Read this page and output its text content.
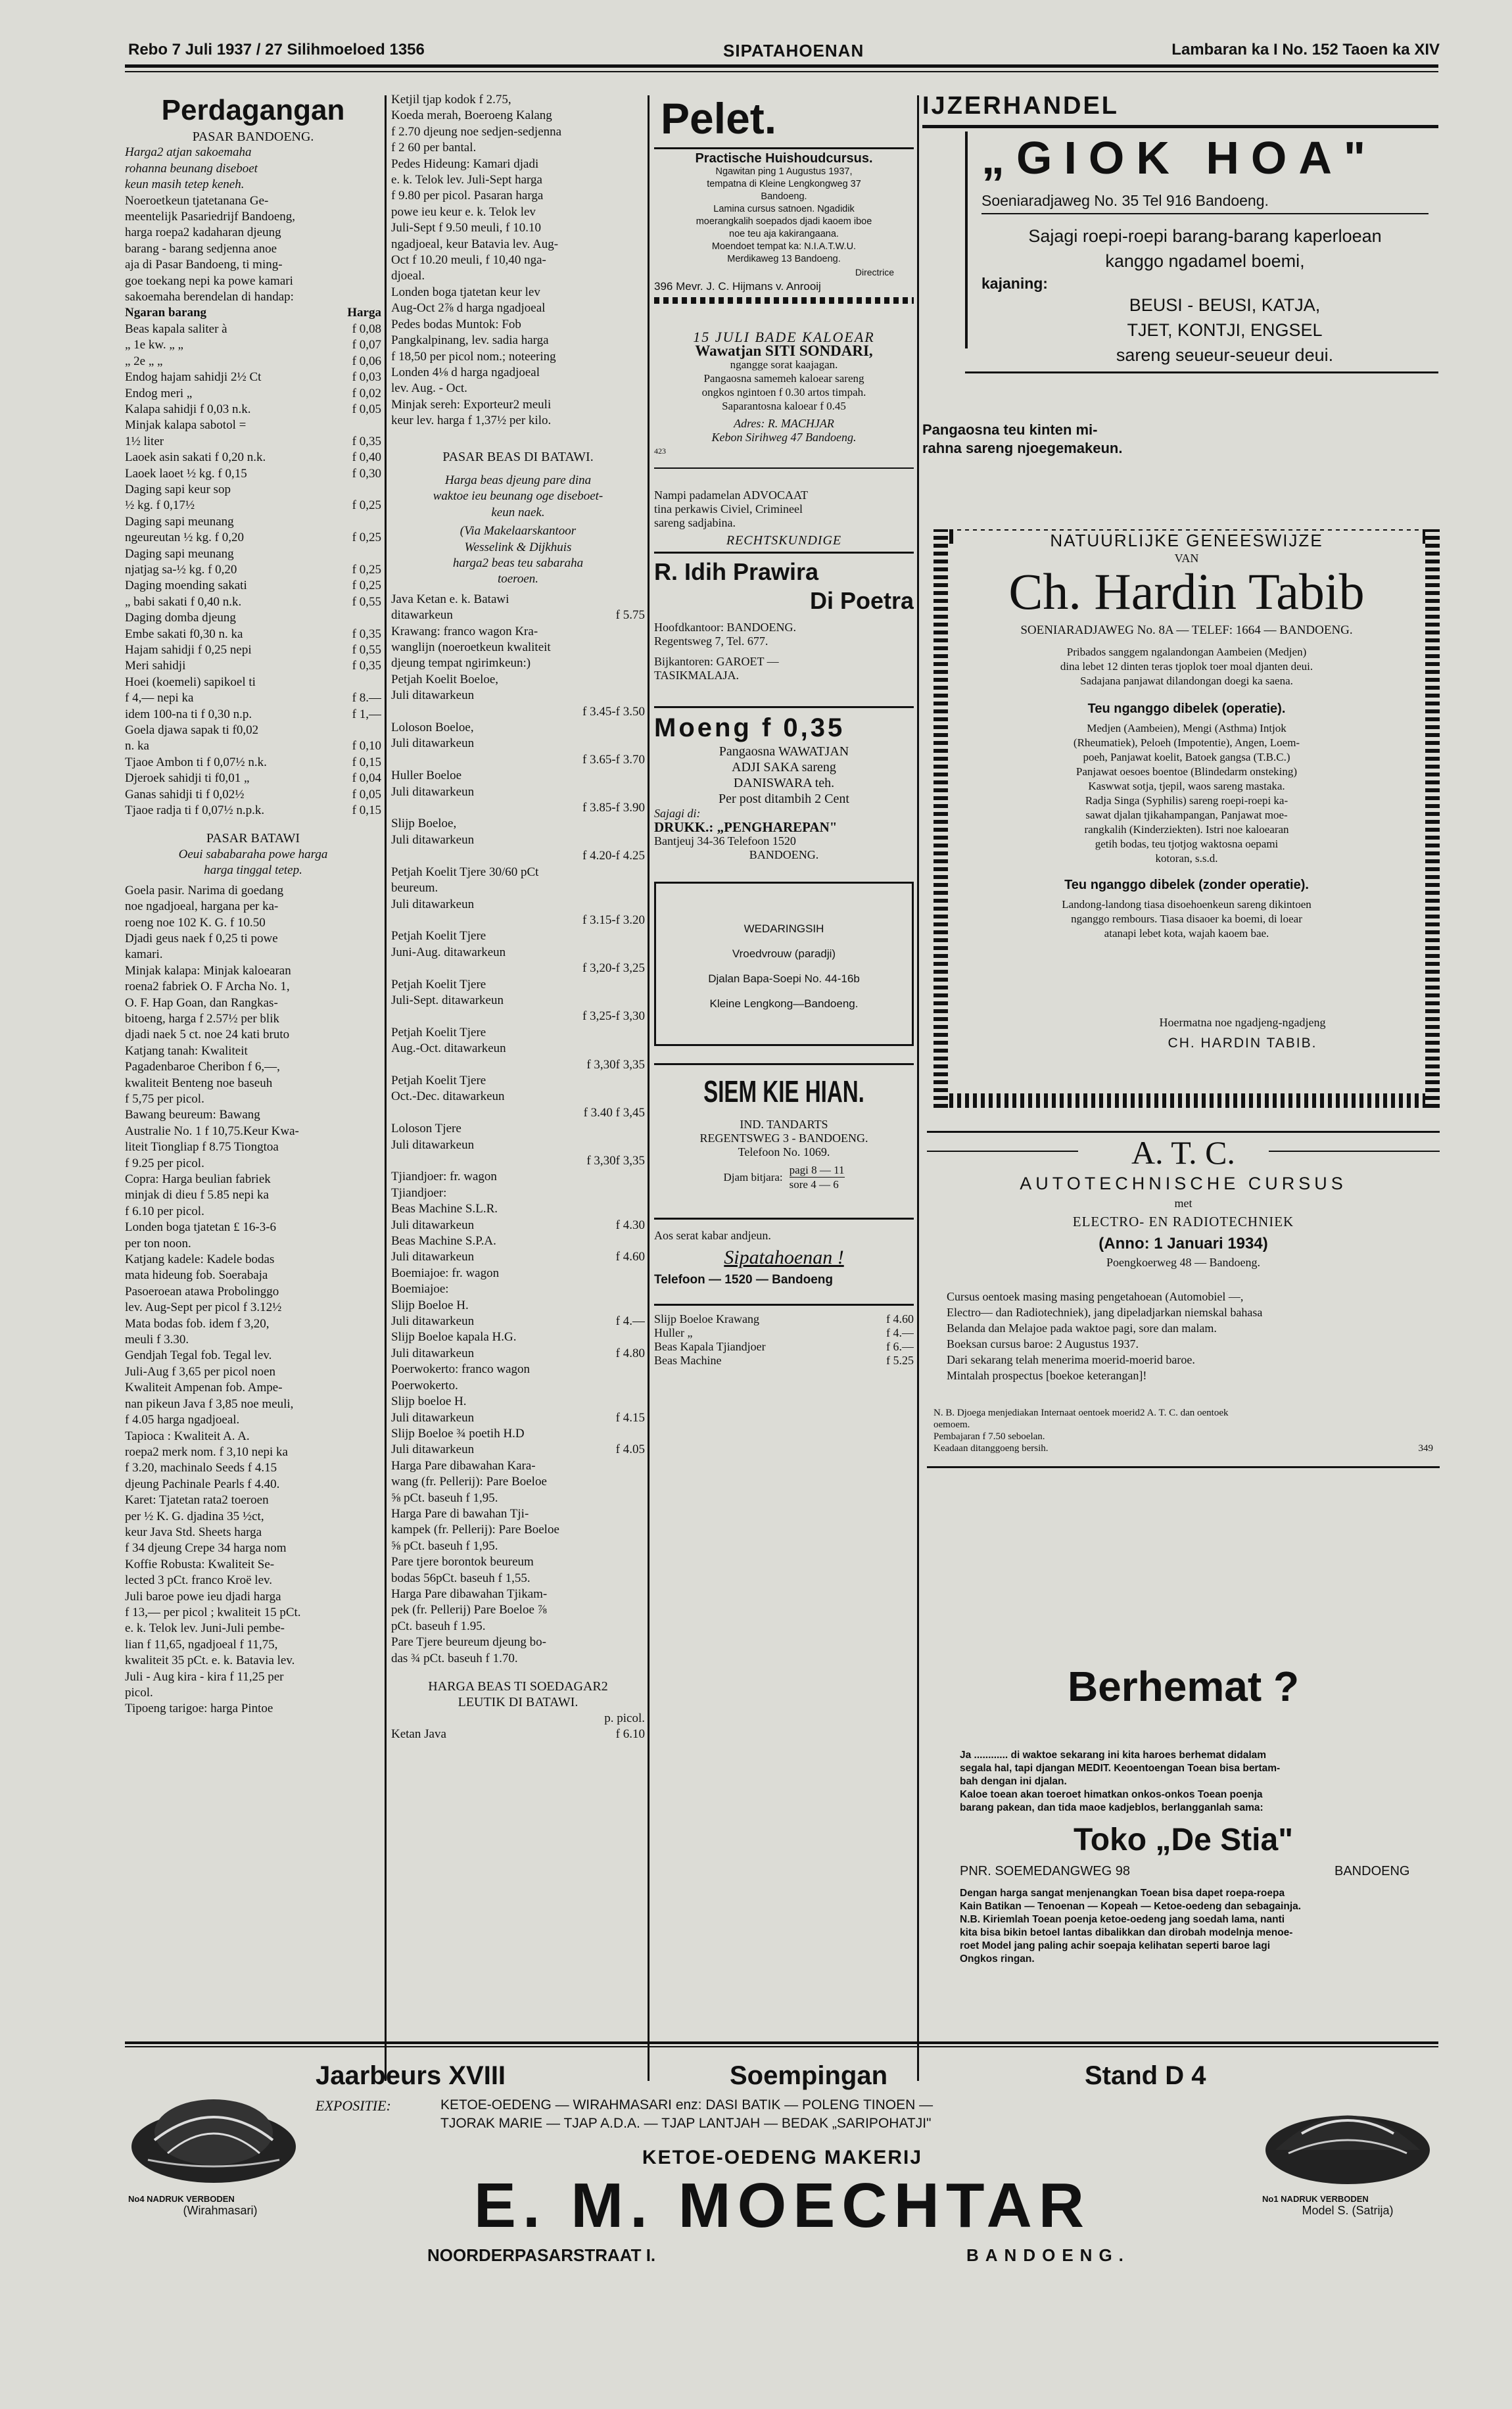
Rebo 7 Juli 1937 / 27 Silihmoeloed 1356	SIPATAHOENAN	Lambaran ka I No. 152 Taoen ka XIV
Perdagangan
PASAR BANDOENG.
Harga2 atjan sakoemaha
rohanna beunang diseboet
keun masih tetep keneh.
Noeroetkeun tjatetanana Ge-
meentelijk Pasariedrijf Bandoeng,
harga roepa2 kadaharan djeung
barang - barang sedjenna anoe
aja di Pasar Bandoeng, ti ming-
goe toekang nepi ka powe kamari
sakoemaha berendelan di handap:
Ngaran barang	Harga
Beas kapala saliter à	f 0,08
„ 1e kw. „ „	f 0,07
„ 2e „ „	f 0,06
Endog hajam sahidji 2½ Ct	f 0,03
Endog meri „	f 0,02
Kalapa sahidji f 0,03 n.k.	f 0,05
Minjak kalapa sabotol =
1½ liter	f 0,35
Laoek asin sakati f 0,20 n.k.	f 0,40
Laoek laoet ½ kg. f 0,15	f 0,30
Daging sapi keur sop
½ kg. f 0,17½	f 0,25
Daging sapi meunang
ngeureutan ½ kg. f 0,20	f 0,25
Daging sapi meunang
njatjag sa-½ kg. f 0,20	f 0,25
Daging moending sakati	f 0,25
„ babi sakati f 0,40 n.k.	f 0,55
Daging domba djeung
Embe sakati f0,30 n. ka	f 0,35
Hajam sahidji f 0,25 nepi	f 0,55
Meri sahidji	f 0,35
Hoei (koemeli) sapikoel ti
f 4,— nepi ka	f 8.—
idem 100-na ti f 0,30 n.p.	f 1,—
Goela djawa sapak ti f0,02
n. ka	f 0,10
Tjaoe Ambon ti f 0,07½ n.k.	f 0,15
Djeroek sahidji ti f0,01 „	f 0,04
Ganas sahidji ti f 0,02½	f 0,05
Tjaoe radja ti f 0,07½ n.p.k.	f 0,15
PASAR BATAWI
Oeui sababaraha powe harga
harga tinggal tetep.
Goela pasir. Narima di goedang
noe ngadjoeal, hargana per ka-
roeng noe 102 K. G. f 10.50
Djadi geus naek f 0,25 ti powe
kamari.
Minjak kalapa: Minjak kaloearan
roena2 fabriek O. F Archa No. 1,
O. F. Hap Goan, dan Rangkas-
bitoeng, harga f 2.57½ per blik
djadi naek 5 ct. noe 24 kati bruto
Katjang tanah: Kwaliteit
Pagadenbaroe Cheribon f 6,—,
kwaliteit Benteng noe baseuh
f 5,75 per picol.
Bawang beureum: Bawang
Australie No. 1 f 10,75.Keur Kwa-
liteit Tiongliap f 8.75 Tiongtoa
f 9.25 per picol.
Copra: Harga beulian fabriek
minjak di dieu f 5.85 nepi ka
f 6.10 per picol.
Londen boga tjatetan £ 16-3-6
per ton noon.
Katjang kadele: Kadele bodas
mata hideung fob. Soerabaja
Pasoeroean atawa Probolinggo
lev. Aug-Sept per picol f 3.12½
Mata bodas fob. idem f 3,20,
meuli f 3.30.
Gendjah Tegal fob. Tegal lev.
Juli-Aug f 3,65 per picol noen
Kwaliteit Ampenan fob. Ampe-
nan pikeun Java f 3,85 noe meuli,
f 4.05 harga ngadjoeal.
Tapioca : Kwaliteit A. A.
roepa2 merk nom. f 3,10 nepi ka
f 3.20, machinalo Seeds f 4.15
djeung Pachinale Pearls f 4.40.
Karet: Tjatetan rata2 toeroen
per ½ K. G. djadina 35 ½ct,
keur Java Std. Sheets harga
f 34 djeung Crepe 34 harga nom
Koffie Robusta: Kwaliteit Se-
lected 3 pCt. franco Kroë lev.
Juli baroe powe ieu djadi harga
f 13,— per picol ; kwaliteit 15 pCt.
e. k. Telok lev. Juni-Juli pembe-
lian f 11,65, ngadjoeal f 11,75,
kwaliteit 35 pCt. e. k. Batavia lev.
Juli - Aug kira - kira f 11,25 per
picol.
Tipoeng tarigoe: harga Pintoe
Ketjil tjap kodok f 2.75,
Koeda merah, Boeroeng Kalang
f 2.70 djeung noe sedjen-sedjenna
f 2 60 per bantal.
Pedes Hideung: Kamari djadi
e. k. Telok lev. Juli-Sept harga
f 9.80 per picol. Pasaran harga
powe ieu keur e. k. Telok lev
Juli-Sept f 9.50 meuli, f 10.10
ngadjoeal, keur Batavia lev. Aug-
Oct f 10.20 meuli, f 10,40 nga-
djoeal.
Londen boga tjatetan keur lev
Aug-Oct 2⅞ d harga ngadjoeal
Pedes bodas Muntok: Fob
Pangkalpinang, lev. sadia harga
f 18,50 per picol nom.; noteering
Londen 4⅛ d harga ngadjoeal
lev. Aug. - Oct.
Minjak sereh: Exporteur2 meuli
keur lev. harga f 1,37½ per kilo.
PASAR BEAS DI BATAWI.
Harga beas djeung pare dina
waktoe ieu beunang oge diseboet-
keun naek.
(Via Makelaarskantoor
Wesselink & Dijkhuis
harga2 beas teu sabaraha
toeroen.
Java Ketan e. k. Batawi
ditawarkeun	f 5.75
Krawang: franco wagon Kra-
wanglijn (noeroetkeun kwaliteit
djeung tempat ngirimkeun:)
Petjah Koelit Boeloe,
Juli ditawarkeun
f 3.45-f 3.50
Loloson Boeloe,
Juli ditawarkeun
f 3.65-f 3.70
Huller Boeloe
Juli ditawarkeun
f 3.85-f 3.90
Slijp Boeloe,
Juli ditawarkeun
f 4.20-f 4.25
Petjah Koelit Tjere 30/60 pCt
beureum.
Juli ditawarkeun
f 3.15-f 3.20
Petjah Koelit Tjere
Juni-Aug. ditawarkeun
f 3,20-f 3,25
Petjah Koelit Tjere
Juli-Sept. ditawarkeun
f 3,25-f 3,30
Petjah Koelit Tjere
Aug.-Oct. ditawarkeun
f 3,30f 3,35
Petjah Koelit Tjere
Oct.-Dec. ditawarkeun
f 3.40 f 3,45
Loloson Tjere
Juli ditawarkeun
f 3,30f 3,35
Tjiandjoer: fr. wagon
Tjiandjoer:
Beas Machine S.L.R.
Juli ditawarkeun	f 4.30
Beas Machine S.P.A.
Juli ditawarkeun	f 4.60
Boemiajoe: fr. wagon
Boemiajoe:
Slijp Boeloe H.
Juli ditawarkeun	f 4.—
Slijp Boeloe kapala H.G.
Juli ditawarkeun	f 4.80
Poerwokerto: franco wagon
Poerwokerto.
Slijp boeloe H.
Juli ditawarkeun	f 4.15
Slijp Boeloe ¾ poetih H.D
Juli ditawarkeun	f 4.05
Harga Pare dibawahan Kara-
wang (fr. Pellerij): Pare Boeloe
⅝ pCt. baseuh f 1,95.
Harga Pare di bawahan Tji-
kampek (fr. Pellerij): Pare Boeloe
⅝ pCt. baseuh f 1,95.
Pare tjere borontok beureum
bodas 56pCt. baseuh f 1,55.
Harga Pare dibawahan Tjikam-
pek (fr. Pellerij) Pare Boeloe ⅞
pCt. baseuh f 1.95.
Pare Tjere beureum djeung bo-
das ¾ pCt. baseuh f 1.70.
HARGA BEAS TI SOEDAGAR2
LEUTIK DI BATAWI.
p. picol.
Ketan Java	f 6.10
Pelet.
Practische Huishoudcursus.
Ngawitan ping 1 Augustus 1937,
tempatna di Kleine Lengkongweg 37
Bandoeng.
Lamina cursus satnoen. Ngadidik
moerangkalih soepados djadi kaoem iboe
noe teu aja kakirangaana.
Moendoet tempat ka: N.I.A.T.W.U.
Merdikaweg 13 Bandoeng.
Directrice
396 Mevr. J. C. Hijmans v. Anrooij
15 JULI BADE KALOEAR
Wawatjan SITI SONDARI,
ngangge sorat kaajagan.
Pangaosna samemeh kaloear sareng
ongkos ngintoen f 0.30 artos timpah.
Saparantosna kaloear f 0.45
Adres: R. MACHJAR
Kebon Sirihweg 47 Bandoeng.
423
Nampi padamelan ADVOCAAT
tina perkawis Civiel, Crimineel
sareng sadjabina.
RECHTSKUNDIGE
R. Idih Prawira
Di Poetra
Hoofdkantoor: BANDOENG.
Regentsweg 7, Tel. 677.
Bijkantoren: GAROET —
TASIKMALAJA.
Moeng f 0,35
Pangaosna WAWATJAN
ADJI SAKA sareng
DANISWARA teh.
Per post ditambih 2 Cent
Sajagi di:
DRUKK.: „PENGHAREPAN"
Bantjeuj 34-36 Telefoon 1520
BANDOENG.
WEDARINGSIH
Vroedvrouw (paradji)
Djalan Bapa-Soepi No. 44-16b
Kleine Lengkong—Bandoeng.
SIEM KIE HIAN.
IND. TANDARTS
REGENTSWEG 3 - BANDOENG.
Telefoon No. 1069.
Djam bitjara:
pagi 8 — 11
sore 4 — 6
Aos serat kabar andjeun.
Sipatahoenan !
Telefoon — 1520 — Bandoeng
Slijp Boeloe Krawang	f 4.60
Huller „	f 4.—
Beas Kapala Tjiandjoer	f 6.—
Beas Machine	f 5.25
IJZERHANDEL
„GIOK HOA"
Soeniaradjaweg No. 35 Tel 916 Bandoeng.
Sajagi roepi-roepi barang-barang kaperloean
kanggo ngadamel boemi,
kajaning:
BEUSI - BEUSI, KATJA,
TJET, KONTJI, ENGSEL
sareng seueur-seueur deui.
Pangaosna teu kinten mi-
rahna sareng njoegemakeun.
NATUURLIJKE GENEESWIJZE
VAN
Ch. Hardin Tabib
SOENIARADJAWEG No. 8A — TELEF: 1664 — BANDOENG.
Pribados sanggem ngalandongan Aambeien (Medjen)
dina lebet 12 dinten teras tjoplok toer moal djanten deui.
Sadajana panjawat dilandongan doegi ka saena.
Teu nganggo dibelek (operatie).
Medjen (Aambeien), Mengi (Asthma) Intjok
(Rheumatiek), Peloeh (Impotentie), Angen, Loem-
poeh, Panjawat koelit, Batoek gangsa (T.B.C.)
Panjawat oesoes boentoe (Blindedarm onsteking)
Kaswwat sotja, tjepil, waos sareng mastaka.
Radja Singa (Syphilis) sareng roepi-roepi ka-
sawat djalan tjikahampangan, Panjawat moe-
rangkalih (Kinderziekten). Istri noe kaloearan
getih bodas, teu tjotjog waktosna oepami
kotoran, s.s.d.
Teu nganggo dibelek (zonder operatie).
Landong-landong tiasa disoehoenkeun sareng dikintoen
nganggo rembours. Tiasa disaoer ka boemi, di loear
atanapi lebet kota, wajah kaoem bae.
Hoermatna noe ngadjeng-ngadjeng
CH. HARDIN TABIB.
A. T. C.
AUTOTECHNISCHE CURSUS
met
ELECTRO- EN RADIOTECHNIEK
(Anno: 1 Januari 1934)
Poengkoerweg 48 — Bandoeng.
Cursus oentoek masing masing pengetahoean (Automobiel —,
Electro— dan Radiotechniek), jang dipeladjarkan niemskal bahasa
Belanda dan Melajoe pada waktoe pagi, sore dan malam.
Boeksan cursus baroe: 2 Augustus 1937.
Dari sekarang telah menerima moerid-moerid baroe.
Mintalah prospectus [boekoe keterangan]!
N. B. Djoega menjediakan Internaat oentoek moerid2 A. T. C. dan oentoek
oemoem.
Pembajaran f 7.50 seboelan.
Keadaan ditanggoeng bersih.	349
Berhemat ?
Ja ............ di waktoe sekarang ini kita haroes berhemat didalam
segala hal, tapi djangan MEDIT. Keoentoengan Toean bisa bertam-
bah dengan ini djalan.
Kaloe toean akan toeroet himatkan onkos-onkos Toean poenja
barang pakean, dan tida maoe kadjeblos, berlangganlah sama:
Toko „De Stia"
PNR. SOEMEDANGWEG 98	BANDOENG
Dengan harga sangat menjenangkan Toean bisa dapet roepa-roepa
Kain Batikan — Tenoenan — Kopeah — Ketoe-oedeng dan sebagainja.
N.B. Kiriemlah Toean poenja ketoe-oedeng jang soedah lama, nanti
kita bisa bikin betoel lantas dibalikkan dan dirobah modelnja menoe-
roet Model jang paling achir soepaja kelihatan seperti baroe lagi
Ongkos ringan.
No4 NADRUK VERBODEN
(Wirahmasari)
No1 NADRUK VERBODEN
Model S. (Satrija)
Jaarbeurs XVIII	Soempingan	Stand D 4
EXPOSITIE:	KETOE-OEDENG — WIRAHMASARI enz: DASI BATIK — POLENG TINOEN —
TJORAK MARIE — TJAP A.D.A. — TJAP LANTJAH — BEDAK „SARIPOHATJI"
KETOE-OEDENG MAKERIJ
E. M. MOECHTAR
NOORDERPASARSTRAAT I.	BANDOENG.
